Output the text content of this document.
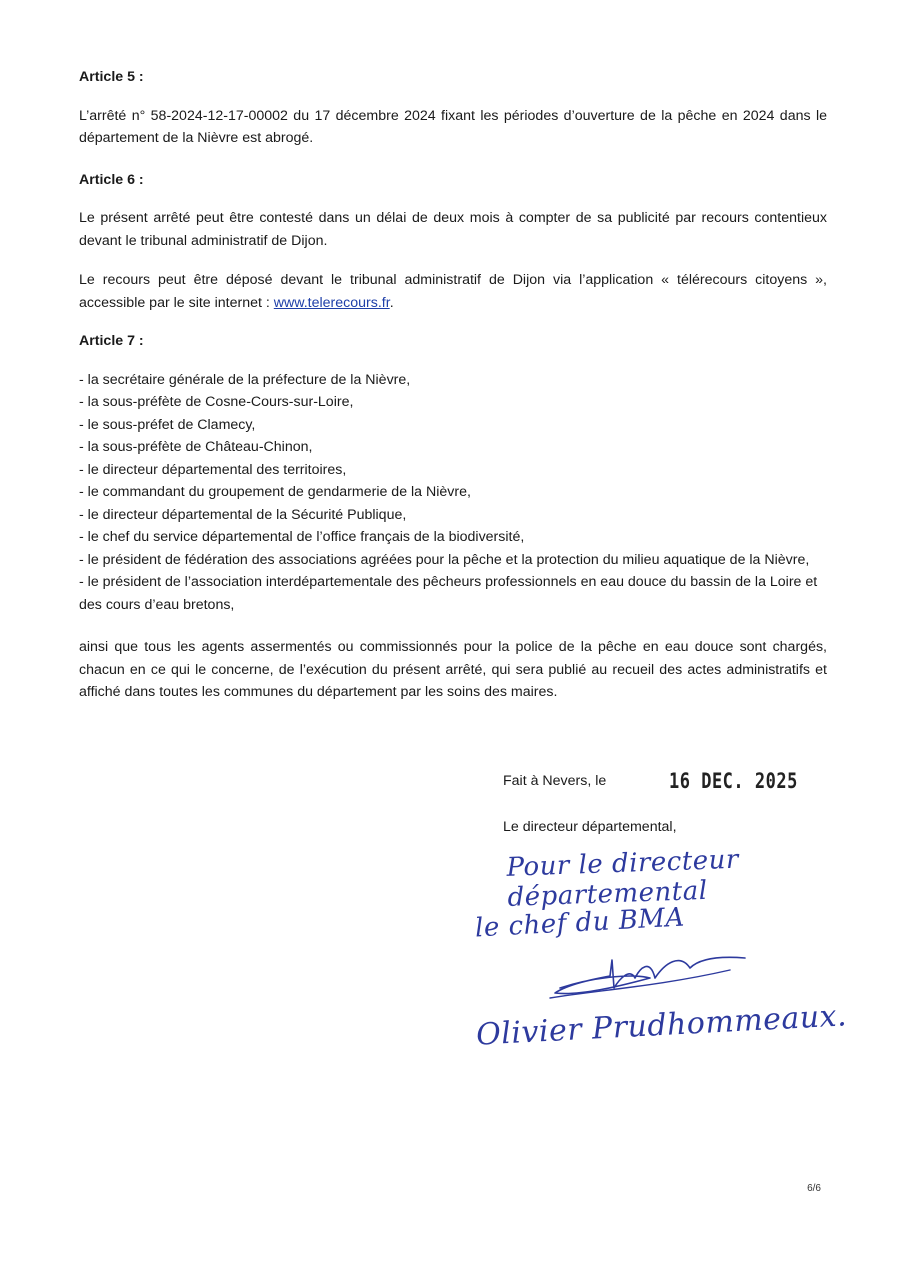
Article 5 :

L’arrêté n° 58-2024-12-17-00002 du 17 décembre 2024 fixant les périodes d’ouverture de la pêche en 2024 dans le département de la Nièvre est abrogé.

Article 6 :

Le présent arrêté peut être contesté dans un délai de deux mois à compter de sa publicité par recours contentieux devant le tribunal administratif de Dijon.

Le recours peut être déposé devant le tribunal administratif de Dijon via l’application « télérecours citoyens », accessible par le site internet : www.telerecours.fr.

Article 7 :

- la secrétaire générale de la préfecture de la Nièvre,
- la sous-préfète de Cosne-Cours-sur-Loire,
- le sous-préfet de Clamecy,
- la sous-préfète de Château-Chinon,
- le directeur départemental des territoires,
- le commandant du groupement de gendarmerie de la Nièvre,
- le directeur départemental de la Sécurité Publique,
- le chef du service départemental de l’office français de la biodiversité,
- le président de fédération des associations agréées pour la pêche et la protection du milieu aquatique de la Nièvre,
- le président de l’association interdépartementale des pêcheurs professionnels en eau douce du bassin de la Loire et des cours d’eau bretons,

ainsi que tous les agents assermentés ou commissionnés pour la police de la pêche en eau douce sont chargés, chacun en ce qui le concerne, de l’exécution du présent arrêté, qui sera publié au recueil des actes administratifs et affiché dans toutes les communes du département par les soins des maires.

Fait à Nevers, le	16 DEC. 2025
Le directeur départemental,
Pour le directeur départemental
le chef du BMA
Olivier Prudhommeaux.
6/6
